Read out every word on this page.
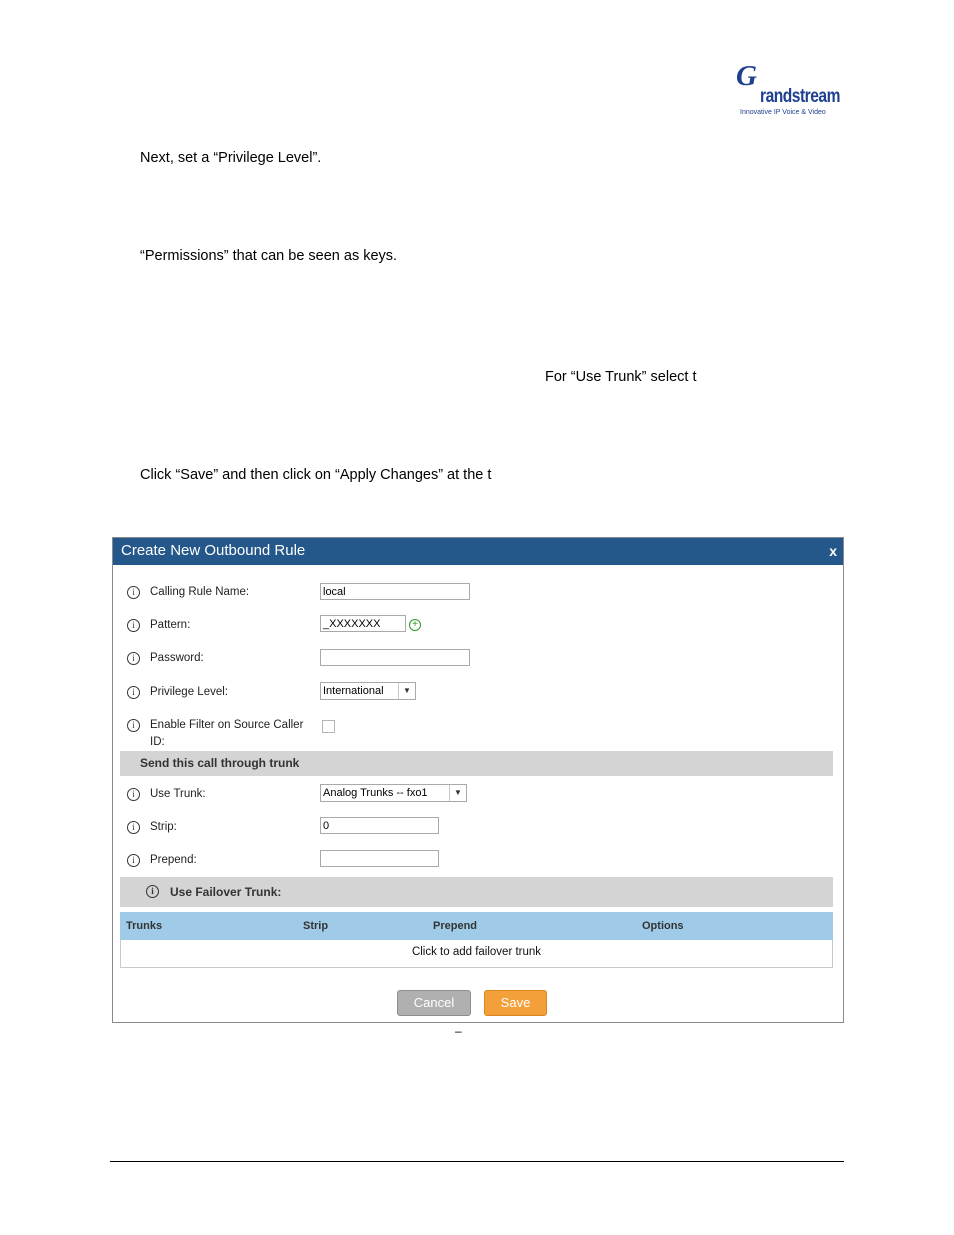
G
randstream
Innovative IP Voice & Video
Next, set a “Privilege Level”.
“Permissions” that can be seen as keys.
For “Use Trunk” select t
Click “Save” and then click on “Apply Changes” at the t
Create New Outbound Rule	x
i	Calling Rule Name:	local
i	Pattern:	_XXXXXXX	+
i	Password:
i	Privilege Level:	International	▼
i	Enable Filter on Source Caller
ID:
Send this call through trunk
i	Use Trunk:	Analog Trunks -- fxo1	▼
i	Strip:	0
i	Prepend:
i	Use Failover Trunk:
Trunks	Strip	Prepend	Options
Click to add failover trunk
Cancel	Save
–
